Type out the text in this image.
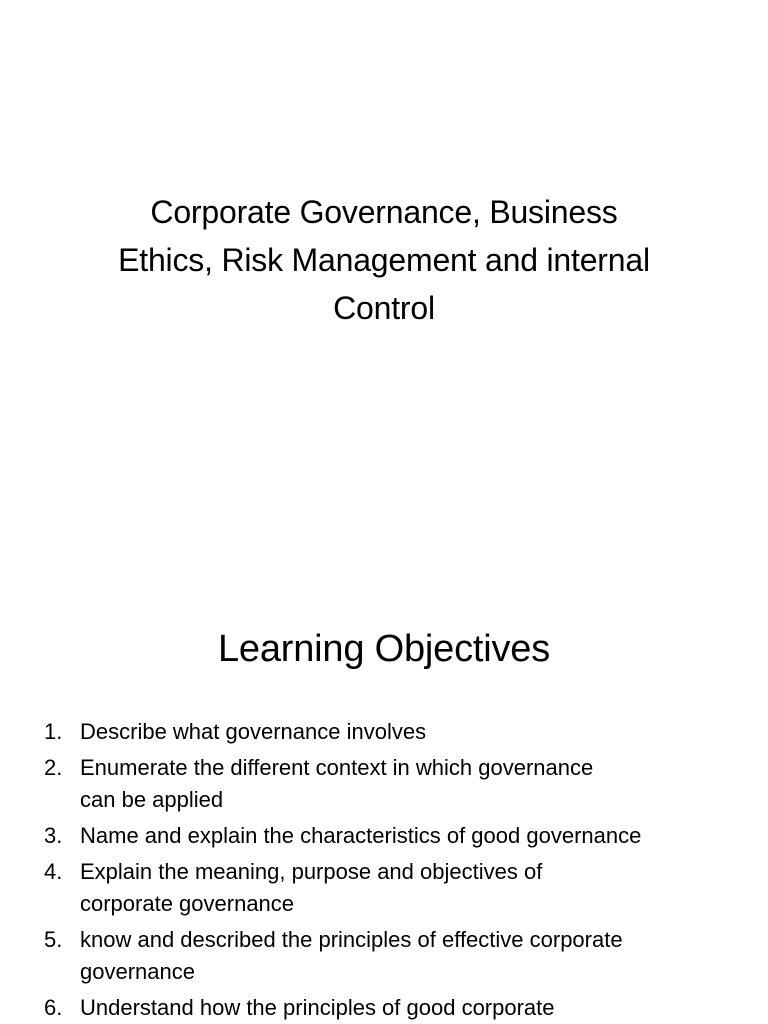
Corporate Governance, Business
Ethics, Risk Management and internal
Control
Learning Objectives
1. Describe what governance involves
2. Enumerate the different context in which governance
can be applied
3. Name and explain the characteristics of good governance
4. Explain the meaning, purpose and objectives of
corporate governance
5. know and described the principles of effective corporate
governance
6. Understand how the principles of good corporate
